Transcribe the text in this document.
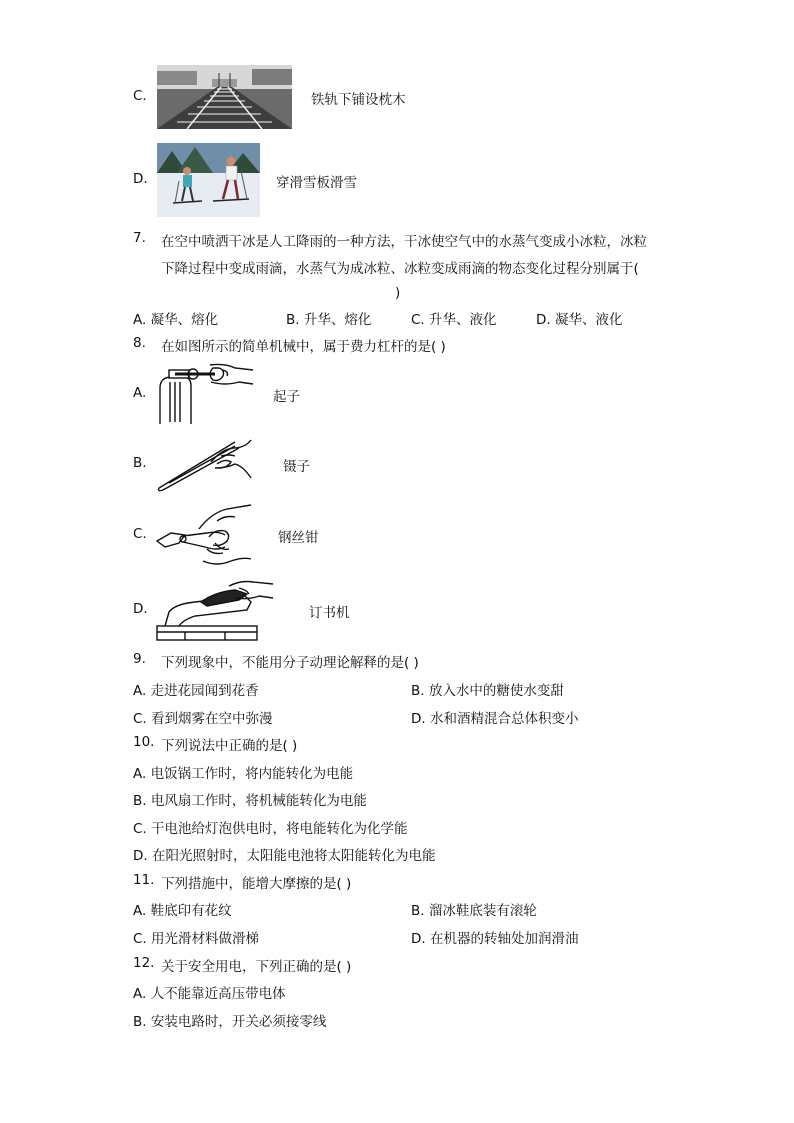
C.	铁轨下铺设枕木
D.	穿滑雪板滑雪
7. 在空中喷洒干冰是人工降雨的一种方法，干冰使空气中的水蒸气变成小冰粒，冰粒
下降过程中变成雨滴，水蒸气为成冰粒、冰粒变成雨滴的物态变化过程分别属于(
)
A. 凝华、熔化	B. 升华、熔化	C. 升华、液化	D. 凝华、液化
8. 在如图所示的简单机械中，属于费力杠杆的是( )
A.	起子
B.	镊子
C.	钢丝钳
D.	订书机
9. 下列现象中，不能用分子动理论解释的是( )
A. 走进花园闻到花香	B. 放入水中的糖使水变甜
C. 看到烟雾在空中弥漫	D. 水和酒精混合总体积变小
10. 下列说法中正确的是( )
A. 电饭锅工作时，将内能转化为电能
B. 电风扇工作时，将机械能转化为电能
C. 干电池给灯泡供电时，将电能转化为化学能
D. 在阳光照射时，太阳能电池将太阳能转化为电能
11. 下列措施中，能增大摩擦的是( )
A. 鞋底印有花纹	B. 溜冰鞋底装有滚轮
C. 用光滑材料做滑梯	D. 在机器的转轴处加润滑油
12. 关于安全用电，下列正确的是( )
A. 人不能靠近高压带电体
B. 安装电路时，开关必须接零线
